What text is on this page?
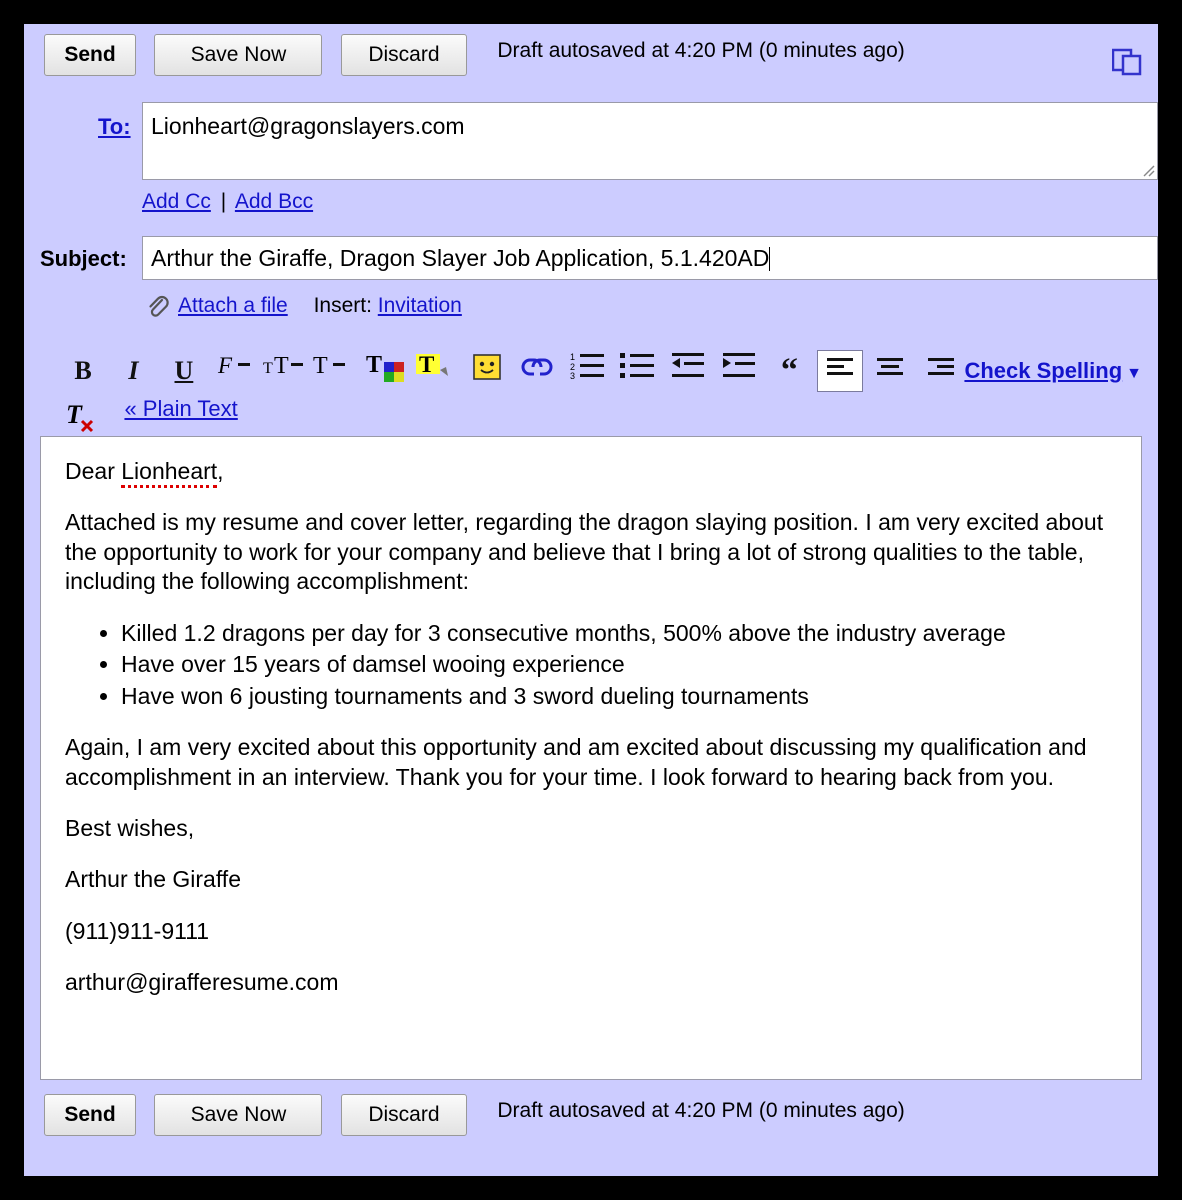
Send	Save Now	Discard	Draft autosaved at 4:20 PM (0 minutes ago)
To: Lionheart@gragonslayers.com
Add Cc | Add Bcc
Subject:	Arthur the Giraffe, Dragon Slayer Job Application, 5.1.420AD
Attach a file Insert: Invitation
B I U F
T T
T
T
T
	1
2
3	“	Check Spelling ▼
T « Plain Text

Dear Lionheart,

Attached is my resume and cover letter, regarding the dragon slaying position. I am very excited about the opportunity to work for your company and believe that I bring a lot of strong qualities to the table, including the following accomplishment:

• Killed 1.2 dragons per day for 3 consecutive months, 500% above the industry average
• Have over 15 years of damsel wooing experience
• Have won 6 jousting tournaments and 3 sword dueling tournaments

Again, I am very excited about this opportunity and am excited about discussing my qualification and accomplishment in an interview. Thank you for your time. I look forward to hearing back from you.

Best wishes,

Arthur the Giraffe

(911)911-9111

arthur@girafferesume.com

Send	Save Now	Discard	Draft autosaved at 4:20 PM (0 minutes ago)
